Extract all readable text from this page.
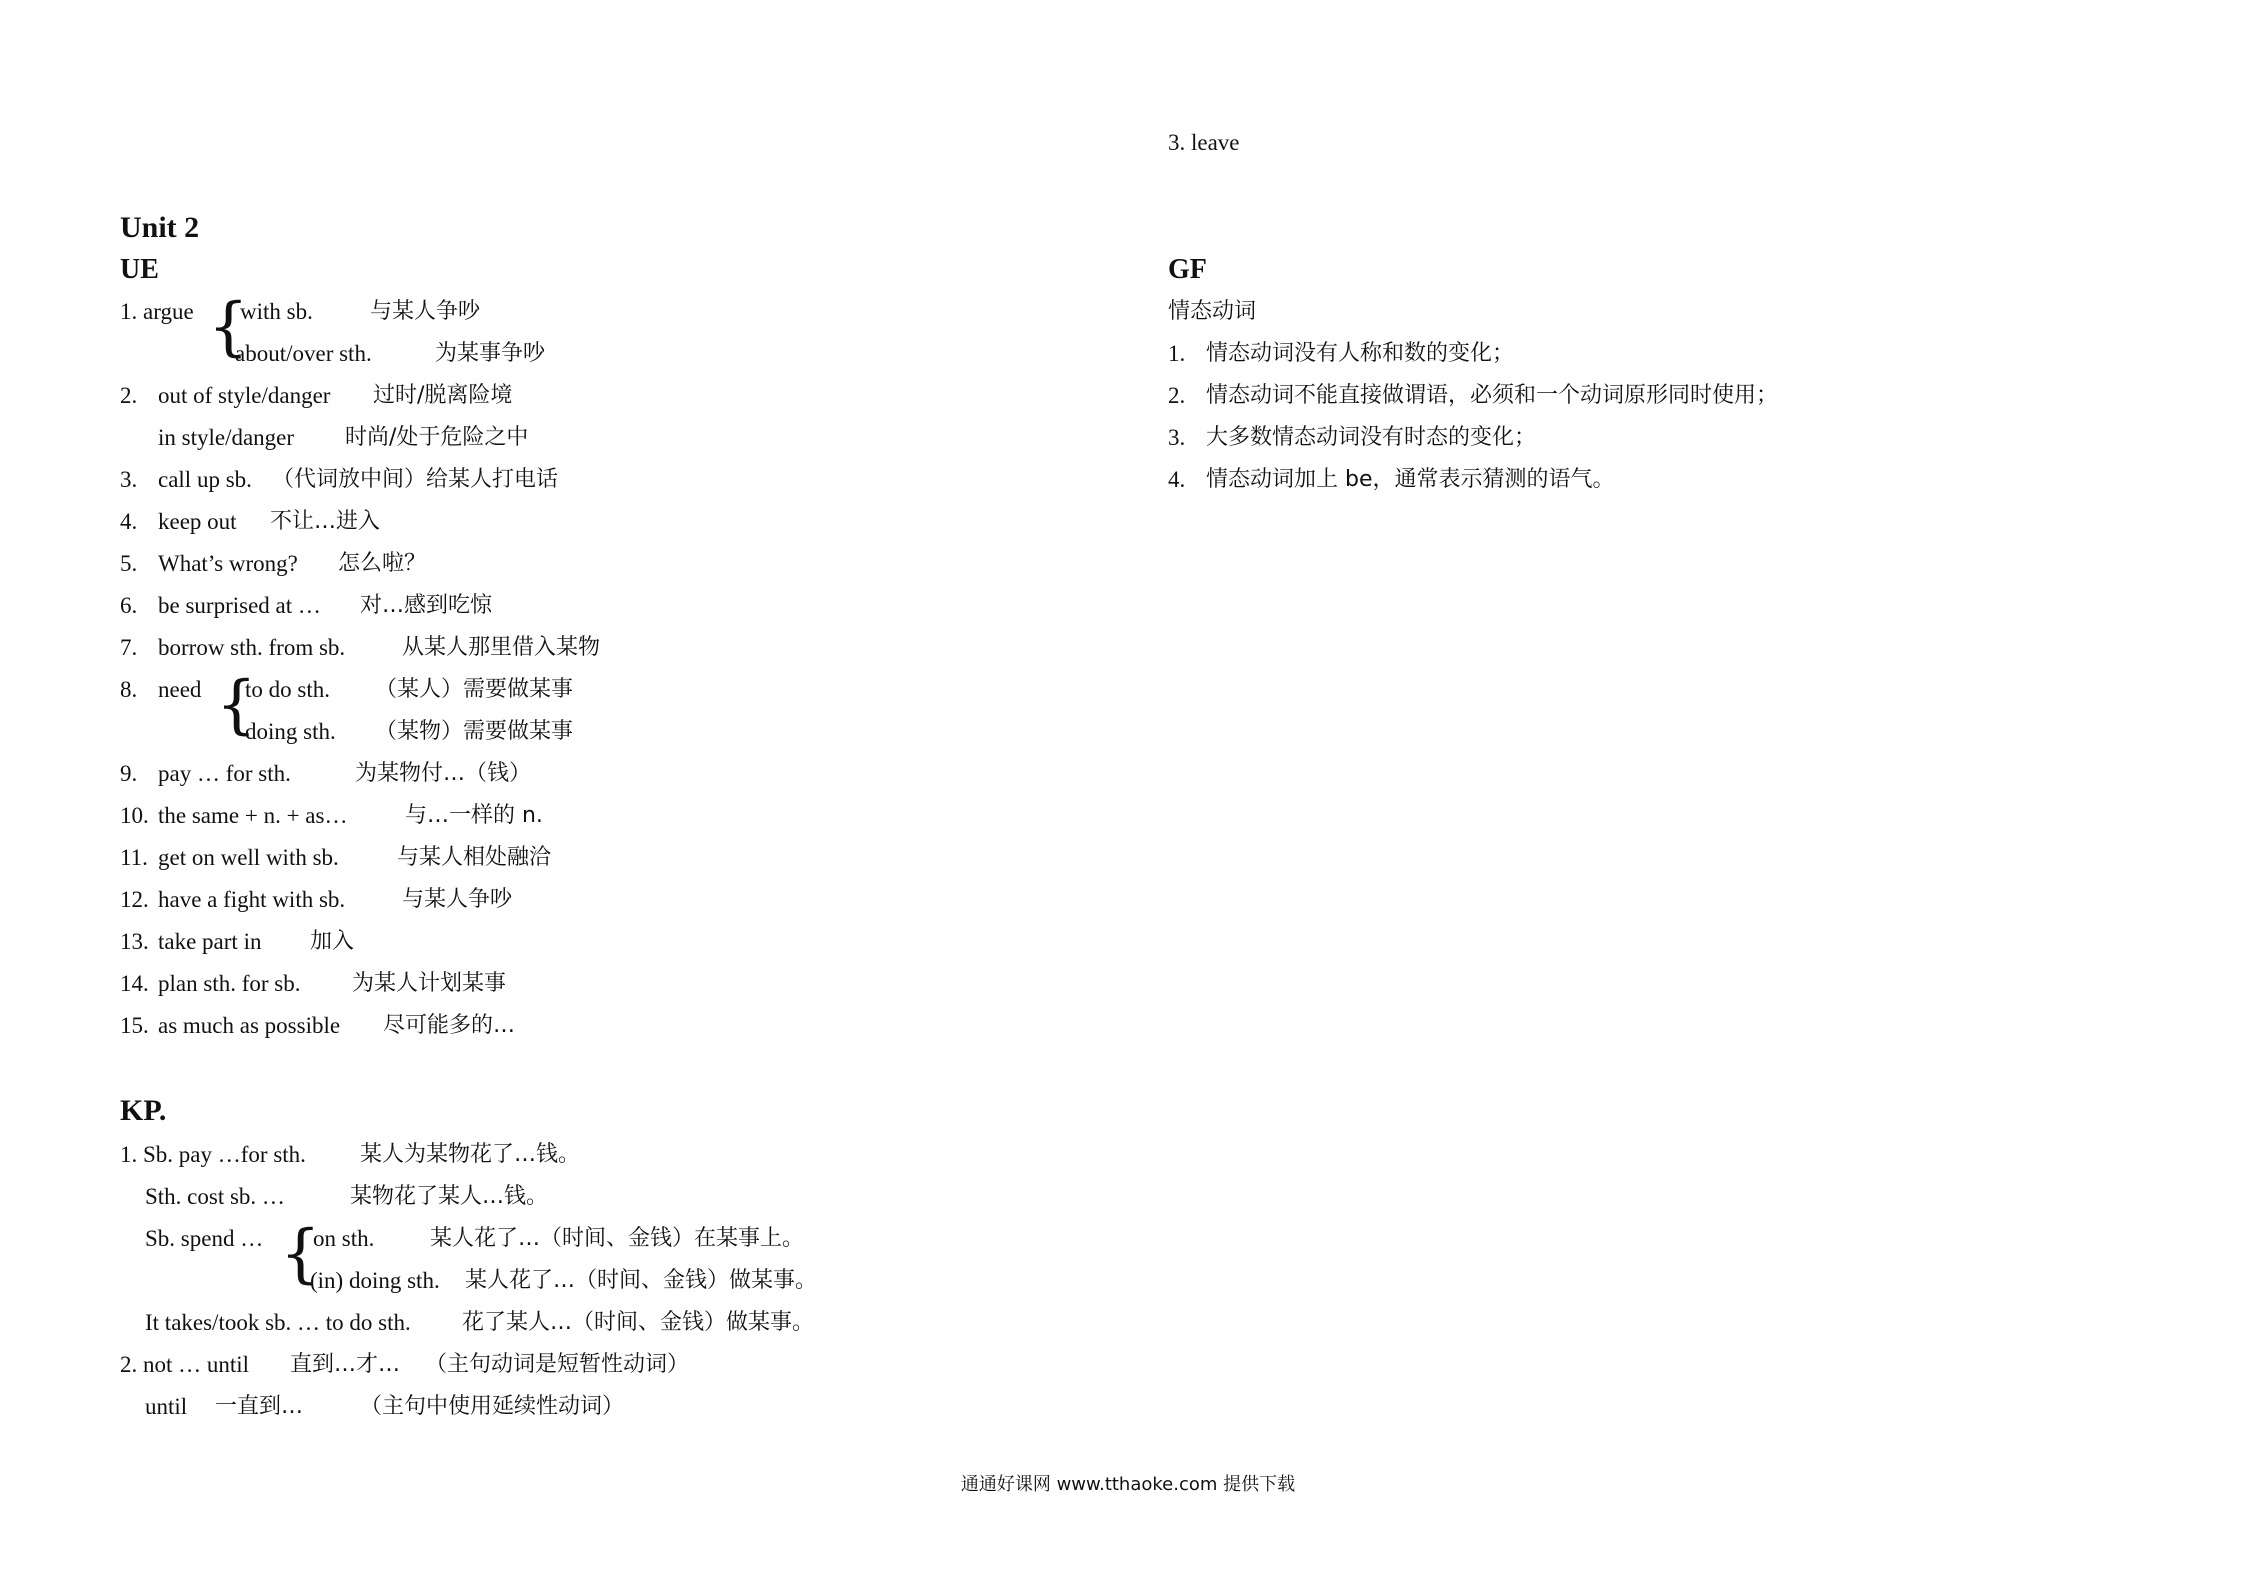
3. leave
Unit 2
UE
1. argue with sb.	与某人争吵
{
about/over sth.	为某事争吵
2. out of style/danger 过时/脱离险境
in style/danger 时尚/处于危险之中
3. call up sb. （代词放中间）给某人打电话
4. keep out 不让…进入
5. What’s wrong? 怎么啦？
6. be surprised at … 对…感到吃惊
7. borrow sth. from sb.	从某人那里借入某物
8. need to do sth. （某人）需要做某事
{
doing sth. （某物）需要做某事
9. pay … for sth.	为某物付…（钱）
10. the same + n. + as…	与…一样的 n.
11. get on well with sb.	与某人相处融洽
12. have a fight with sb.	与某人争吵
13. take part in 加入
14. plan sth. for sb. 为某人计划某事
15. as much as possible 尽可能多的…
KP.
1. Sb. pay …for sth. 某人为某物花了…钱。
Sth. cost sb. …	某物花了某人…钱。
Sb. spend … on sth.	某人花了…（时间、金钱）在某事上。
{
(in) doing sth. 某人花了…（时间、金钱）做某事。
It takes/took sb. … to do sth. 花了某人…（时间、金钱）做某事。
2. not … until 直到…才… （主句动词是短暂性动词）
until 一直到…	（主句中使用延续性动词）
GF
情态动词
1. 情态动词没有人称和数的变化；
2. 情态动词不能直接做谓语，必须和一个动词原形同时使用；
3. 大多数情态动词没有时态的变化；
4. 情态动词加上 be，通常表示猜测的语气。
通通好课网 www.tthaoke.com 提供下载
